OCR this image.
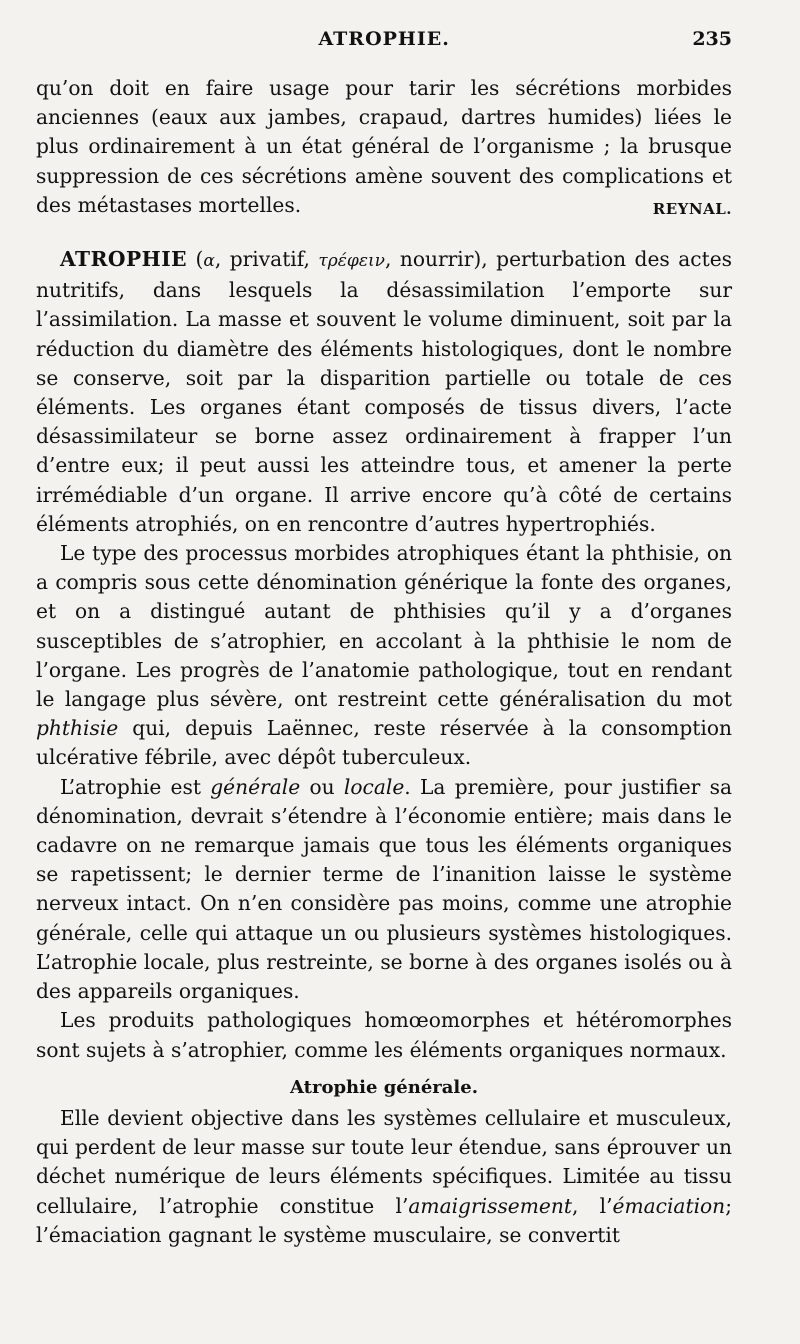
ATROPHIE.	235

qu’on doit en faire usage pour tarir les sécrétions morbides anciennes (eaux aux jambes, crapaud, dartres humides) liées le plus ordinairement à un état général de l’organisme ; la brusque suppression de ces sécrétions amène souvent des complications et des métastases mortelles.	REYNAL.

ATROPHIE (α, privatif, τρέφειν, nourrir), perturbation des actes nutritifs, dans lesquels la désassimilation l’emporte sur l’assimilation. La masse et souvent le volume diminuent, soit par la réduction du diamètre des éléments histologiques, dont le nombre se conserve, soit par la disparition partielle ou totale de ces éléments. Les organes étant composés de tissus divers, l’acte désassimilateur se borne assez ordinairement à frapper l’un d’entre eux; il peut aussi les atteindre tous, et amener la perte irrémédiable d’un organe. Il arrive encore qu’à côté de certains éléments atrophiés, on en rencontre d’autres hypertrophiés.

Le type des processus morbides atrophiques étant la phthisie, on a compris sous cette dénomination générique la fonte des organes, et on a distingué autant de phthisies qu’il y a d’organes susceptibles de s’atrophier, en accolant à la phthisie le nom de l’organe. Les progrès de l’anatomie pathologique, tout en rendant le langage plus sévère, ont restreint cette généralisation du mot phthisie qui, depuis Laënnec, reste réservée à la consomption ulcérative fébrile, avec dépôt tuberculeux.

L’atrophie est générale ou locale. La première, pour justifier sa dénomination, devrait s’étendre à l’économie entière; mais dans le cadavre on ne remarque jamais que tous les éléments organiques se rapetissent; le dernier terme de l’inanition laisse le système nerveux intact. On n’en considère pas moins, comme une atrophie générale, celle qui attaque un ou plusieurs systèmes histologiques. L’atrophie locale, plus restreinte, se borne à des organes isolés ou à des appareils organiques.

Les produits pathologiques homœomorphes et hétéromorphes sont sujets à s’atrophier, comme les éléments organiques normaux.

Atrophie générale.

Elle devient objective dans les systèmes cellulaire et musculeux, qui perdent de leur masse sur toute leur étendue, sans éprouver un déchet numérique de leurs éléments spécifiques. Limitée au tissu cellulaire, l’atrophie constitue l’amaigrissement, l’émaciation; l’émaciation gagnant le système musculaire, se convertit
